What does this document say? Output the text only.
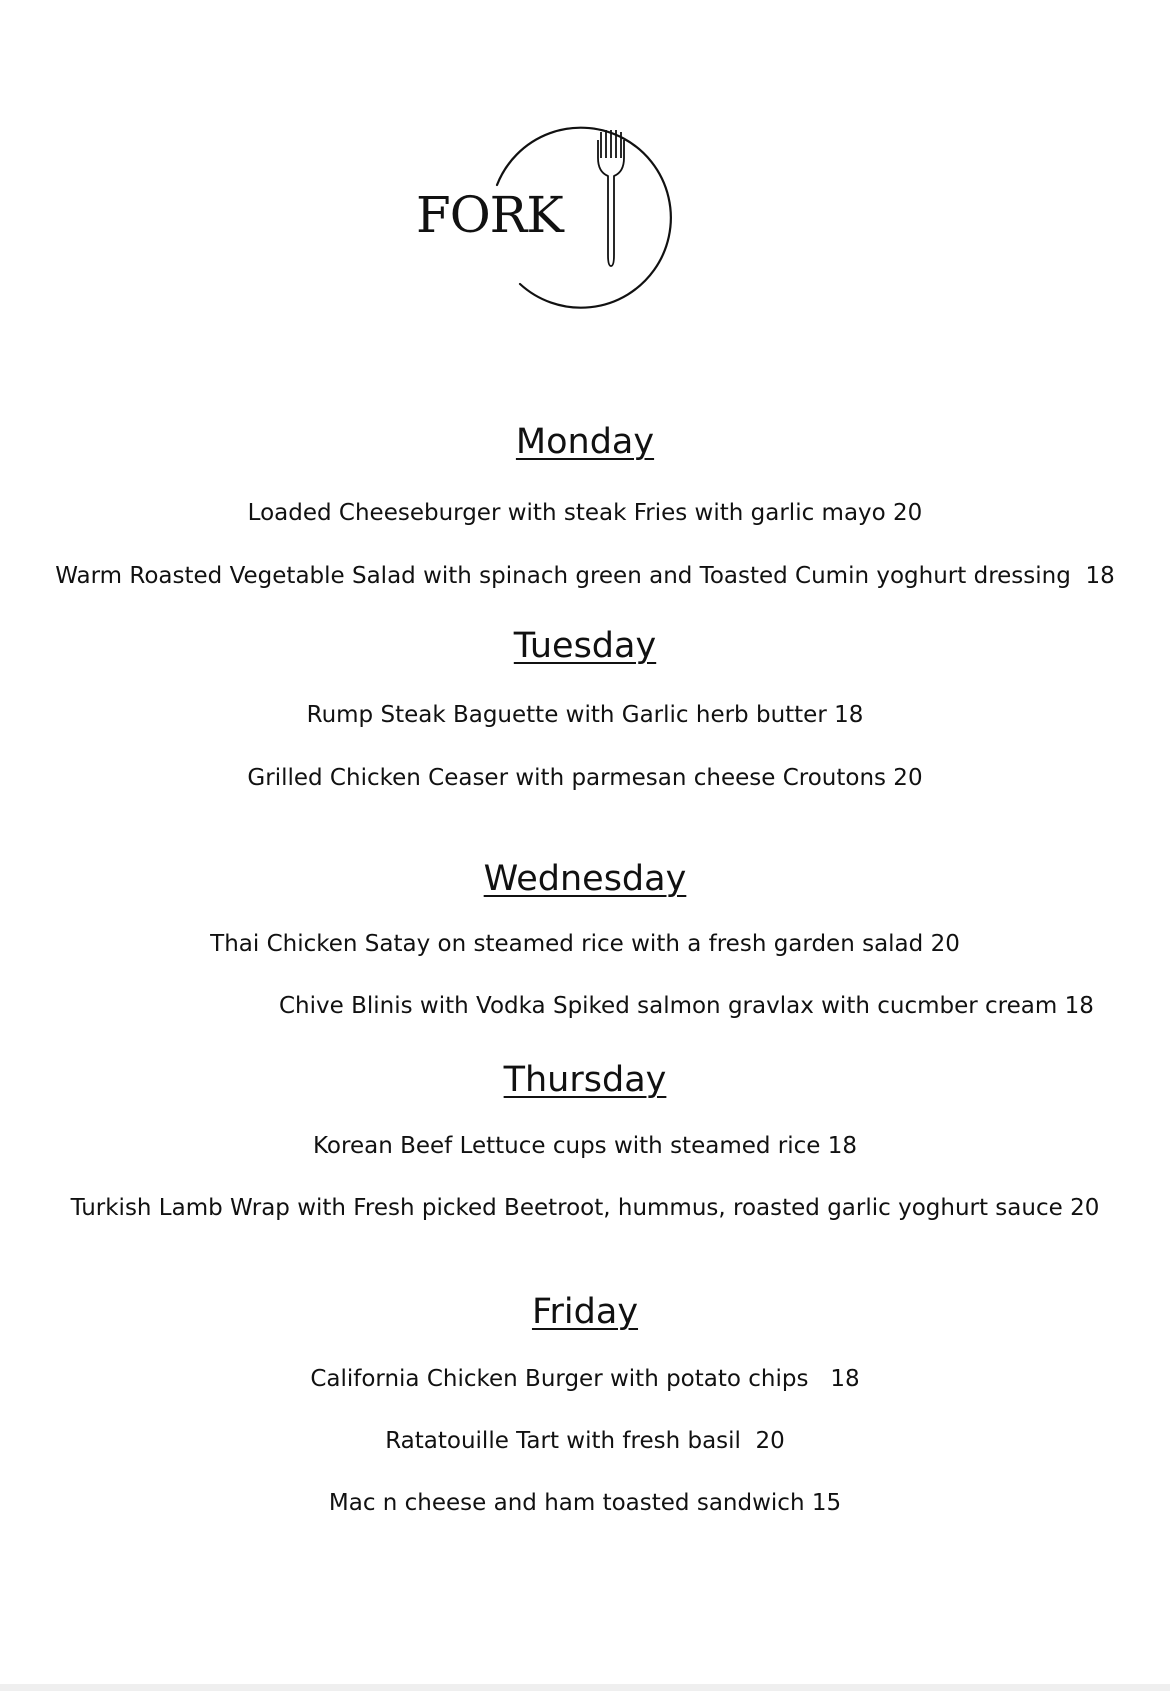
FORK
Monday
Loaded Cheeseburger with steak Fries with garlic mayo 20
Warm Roasted Vegetable Salad with spinach green and Toasted Cumin yoghurt dressing  18
Tuesday
Rump Steak Baguette with Garlic herb butter 18
Grilled Chicken Ceaser with parmesan cheese Croutons 20
Wednesday
Thai Chicken Satay on steamed rice with a fresh garden salad 20
Chive Blinis with Vodka Spiked salmon gravlax with cucmber cream 18
Thursday
Korean Beef Lettuce cups with steamed rice 18
Turkish Lamb Wrap with Fresh picked Beetroot, hummus, roasted garlic yoghurt sauce 20
Friday
California Chicken Burger with potato chips   18
Ratatouille Tart with fresh basil  20
Mac n cheese and ham toasted sandwich 15
